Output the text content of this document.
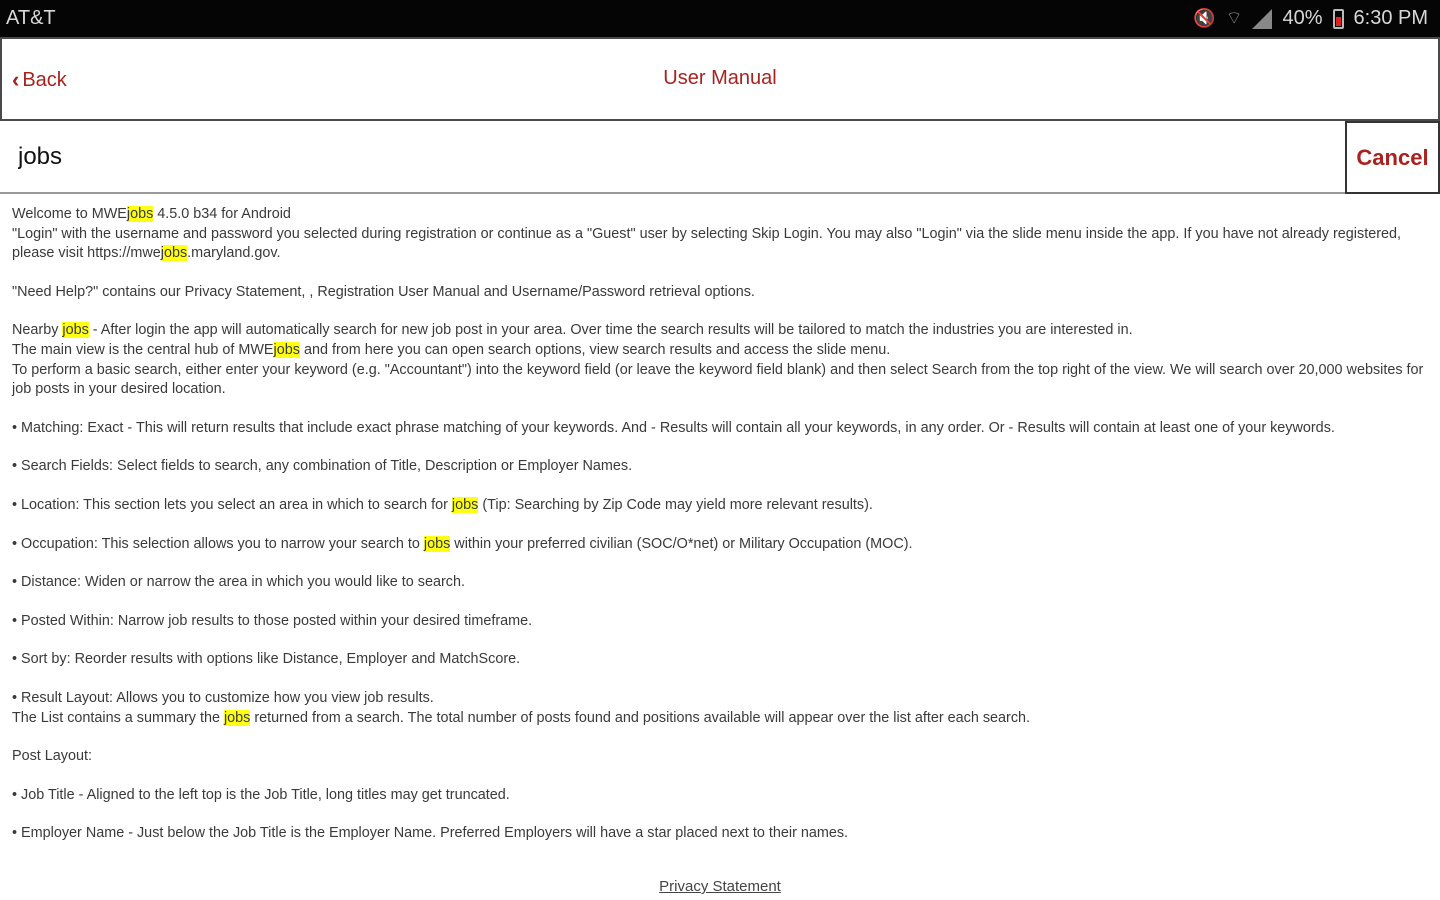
AT&T	🔇 ⌔ 40% 6:30 PM
‹ Back	User Manual
jobs
Cancel

Welcome to MWEjobs 4.5.0 b34 for Android
"Login" with the username and password you selected during registration or continue as a "Guest" user by selecting Skip Login. You may also "Login" via the slide menu inside the app. If you have not already registered, please visit https://mwejobs.maryland.gov.

"Need Help?" contains our Privacy Statement, , Registration User Manual and Username/Password retrieval options.

Nearby jobs - After login the app will automatically search for new job post in your area. Over time the search results will be tailored to match the industries you are interested in.
The main view is the central hub of MWEjobs and from here you can open search options, view search results and access the slide menu.
To perform a basic search, either enter your keyword (e.g. "Accountant") into the keyword field (or leave the keyword field blank) and then select Search from the top right of the view. We will search over 20,000 websites for job posts in your desired location.

• Matching: Exact - This will return results that include exact phrase matching of your keywords. And - Results will contain all your keywords, in any order. Or - Results will contain at least one of your keywords.

• Search Fields: Select fields to search, any combination of Title, Description or Employer Names.

• Location: This section lets you select an area in which to search for jobs (Tip: Searching by Zip Code may yield more relevant results).

• Occupation: This selection allows you to narrow your search to jobs within your preferred civilian (SOC/O*net) or Military Occupation (MOC).

• Distance: Widen or narrow the area in which you would like to search.

• Posted Within: Narrow job results to those posted within your desired timeframe.

• Sort by: Reorder results with options like Distance, Employer and MatchScore.

• Result Layout: Allows you to customize how you view job results.
The List contains a summary the jobs returned from a search. The total number of posts found and positions available will appear over the list after each search.

Post Layout:

• Job Title - Aligned to the left top is the Job Title, long titles may get truncated.

• Employer Name - Just below the Job Title is the Employer Name. Preferred Employers will have a star placed next to their names.

Privacy Statement
